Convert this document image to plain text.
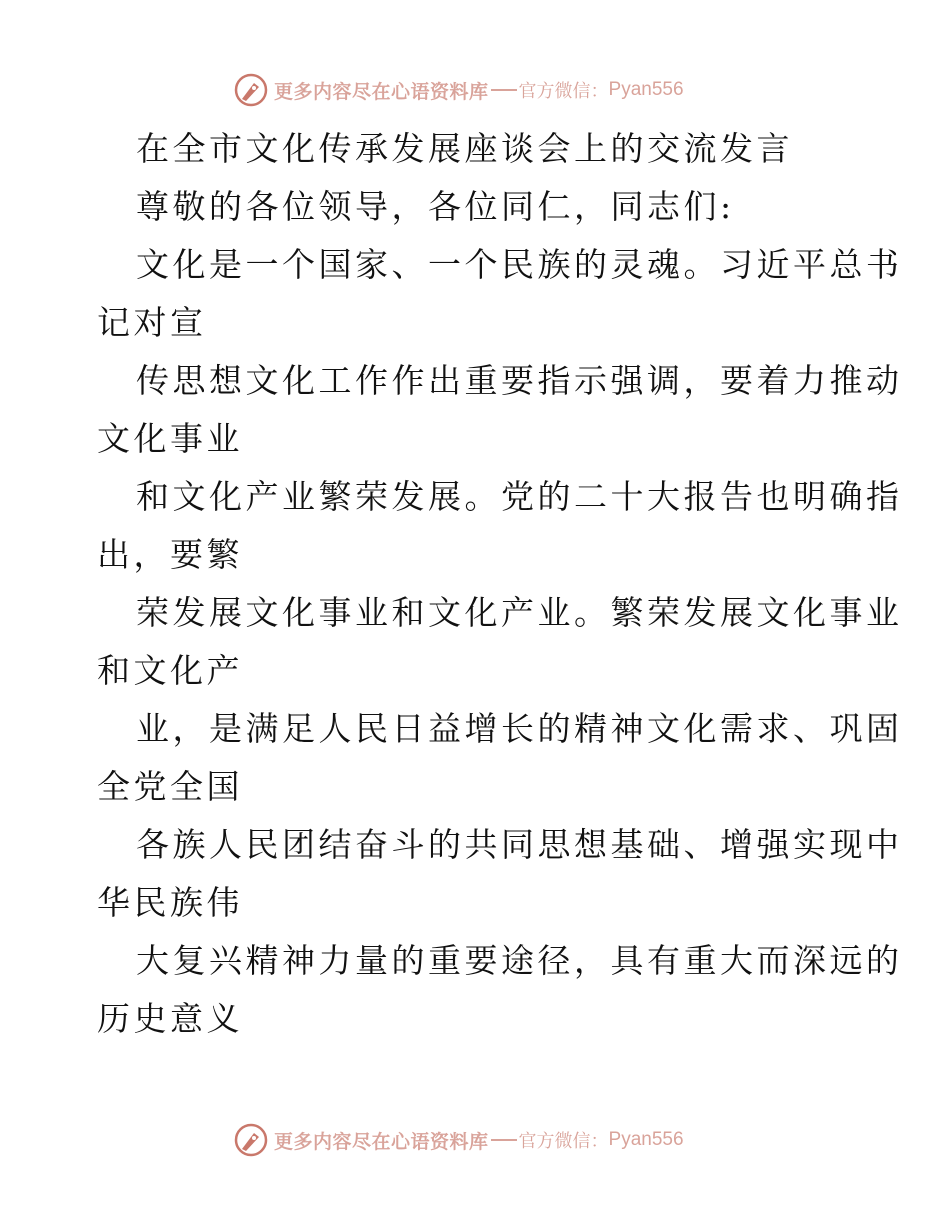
更多内容尽在心语资料库 官方微信： Pyan556
在全市文化传承发展座谈会上的交流发言
尊敬的各位领导，各位同仁，同志们:
文化是一个国家、一个民族的灵魂。习近平总书
记对宣
传思想文化工作作出重要指示强调，要着力推动
文化事业
和文化产业繁荣发展。党的二十大报告也明确指
出，要繁
荣发展文化事业和文化产业。繁荣发展文化事业
和文化产
业，是满足人民日益增长的精神文化需求、巩固
全党全国
各族人民团结奋斗的共同思想基础、增强实现中
华民族伟
大复兴精神力量的重要途径，具有重大而深远的
历史意义
更多内容尽在心语资料库 官方微信： Pyan556
